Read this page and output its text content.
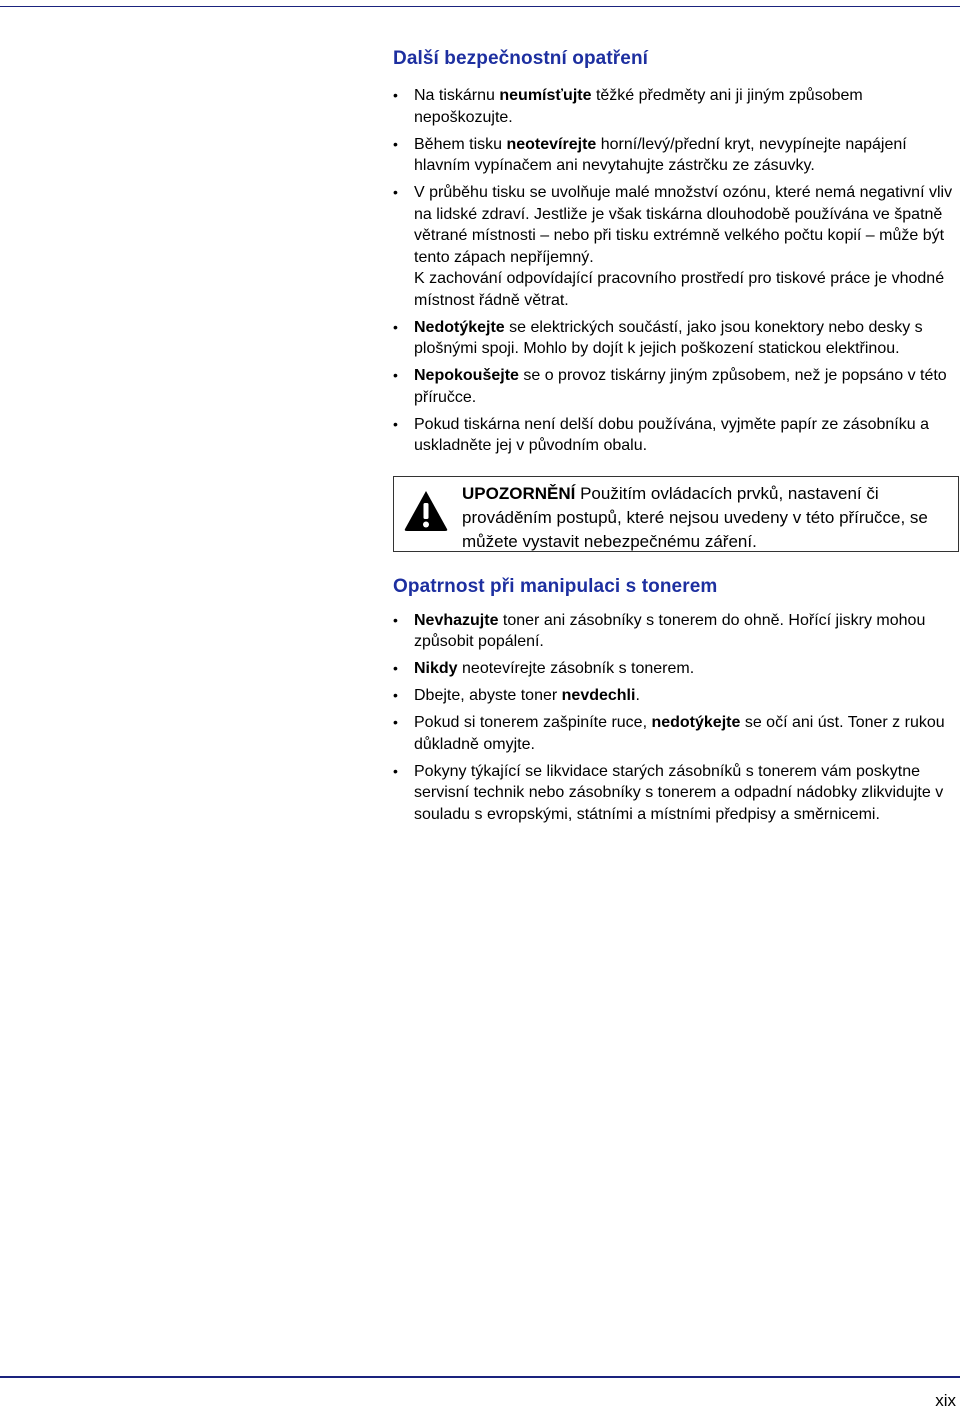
Další bezpečnostní opatření
• Na tiskárnu neumísťujte těžké předměty ani ji jiným způsobem nepoškozujte.
• Během tisku neotevírejte horní/levý/přední kryt, nevypínejte napájení hlavním vypínačem ani nevytahujte zástrčku ze zásuvky.
• V průběhu tisku se uvolňuje malé množství ozónu, které nemá negativní vliv na lidské zdraví. Jestliže je však tiskárna dlouhodobě používána ve špatně větrané místnosti – nebo při tisku extrémně velkého počtu kopií – může být tento zápach nepříjemný.
K zachování odpovídající pracovního prostředí pro tiskové práce je vhodné místnost řádně větrat.
• Nedotýkejte se elektrických součástí, jako jsou konektory nebo desky s plošnými spoji. Mohlo by dojít k jejich poškození statickou elektřinou.
• Nepokoušejte se o provoz tiskárny jiným způsobem, než je popsáno v této příručce.
• Pokud tiskárna není delší dobu používána, vyjměte papír ze zásobníku a uskladněte jej v původním obalu.
UPOZORNĚNÍ Použitím ovládacích prvků, nastavení či prováděním postupů, které nejsou uvedeny v této příručce, se můžete vystavit nebezpečnému záření.
Opatrnost při manipulaci s tonerem
• Nevhazujte toner ani zásobníky s tonerem do ohně. Hořící jiskry mohou způsobit popálení.
• Nikdy neotevírejte zásobník s tonerem.
• Dbejte, abyste toner nevdechli.
• Pokud si tonerem zašpiníte ruce, nedotýkejte se očí ani úst. Toner z rukou důkladně omyjte.
• Pokyny týkající se likvidace starých zásobníků s tonerem vám poskytne servisní technik nebo zásobníky s tonerem a odpadní nádobky zlikvidujte v souladu s evropskými, státními a místními předpisy a směrnicemi.
xix
